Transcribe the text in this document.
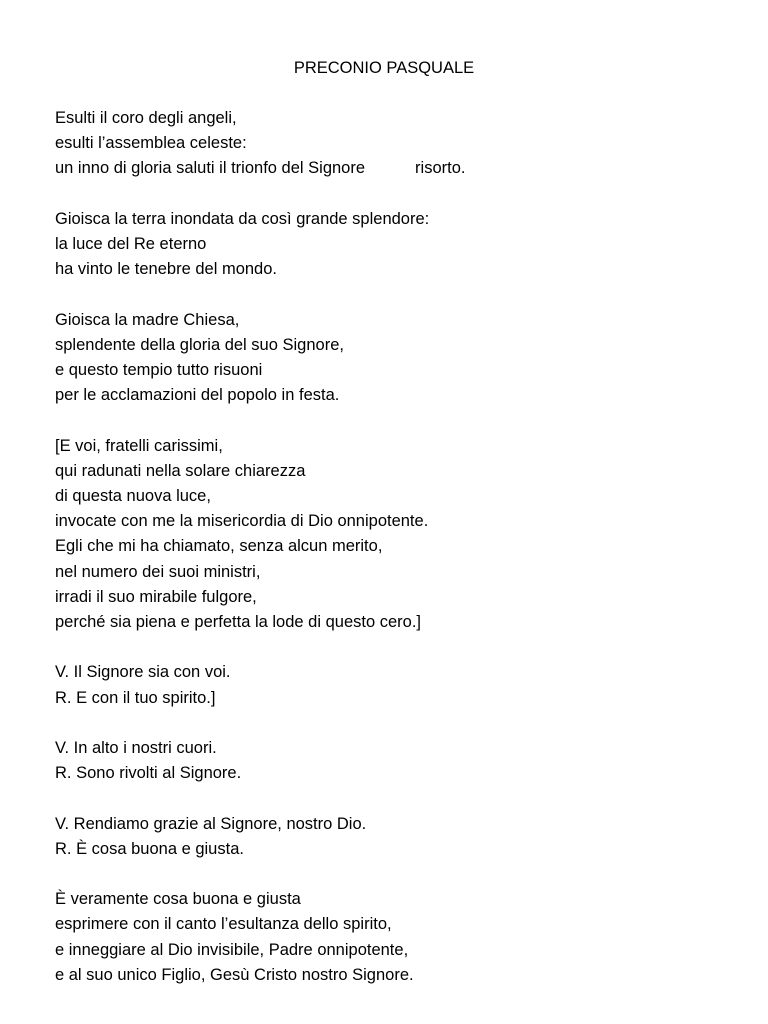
PRECONIO PASQUALE
Esulti il coro degli angeli,
esulti l’assemblea celeste:
un inno di gloria saluti il trionfo del Signore	risorto.
Gioisca la terra inondata da così grande splendore:
la luce del Re eterno
ha vinto le tenebre del mondo.
Gioisca la madre Chiesa,
splendente della gloria del suo Signore,
e questo tempio tutto risuoni
per le acclamazioni del popolo in festa.
[E voi, fratelli carissimi,
qui radunati nella solare chiarezza
di questa nuova luce,
invocate con me la misericordia di Dio onnipotente.
Egli che mi ha chiamato, senza alcun merito,
nel numero dei suoi ministri,
irradi il suo mirabile fulgore,
perché sia piena e perfetta la lode di questo cero.]
V. Il Signore sia con voi.
R. E con il tuo spirito.]
V. In alto i nostri cuori.
R. Sono rivolti al Signore.
V. Rendiamo grazie al Signore, nostro Dio.
R. È cosa buona e giusta.
È veramente cosa buona e giusta
esprimere con il canto l’esultanza dello spirito,
e inneggiare al Dio invisibile, Padre onnipotente,
e al suo unico Figlio, Gesù Cristo nostro Signore.
